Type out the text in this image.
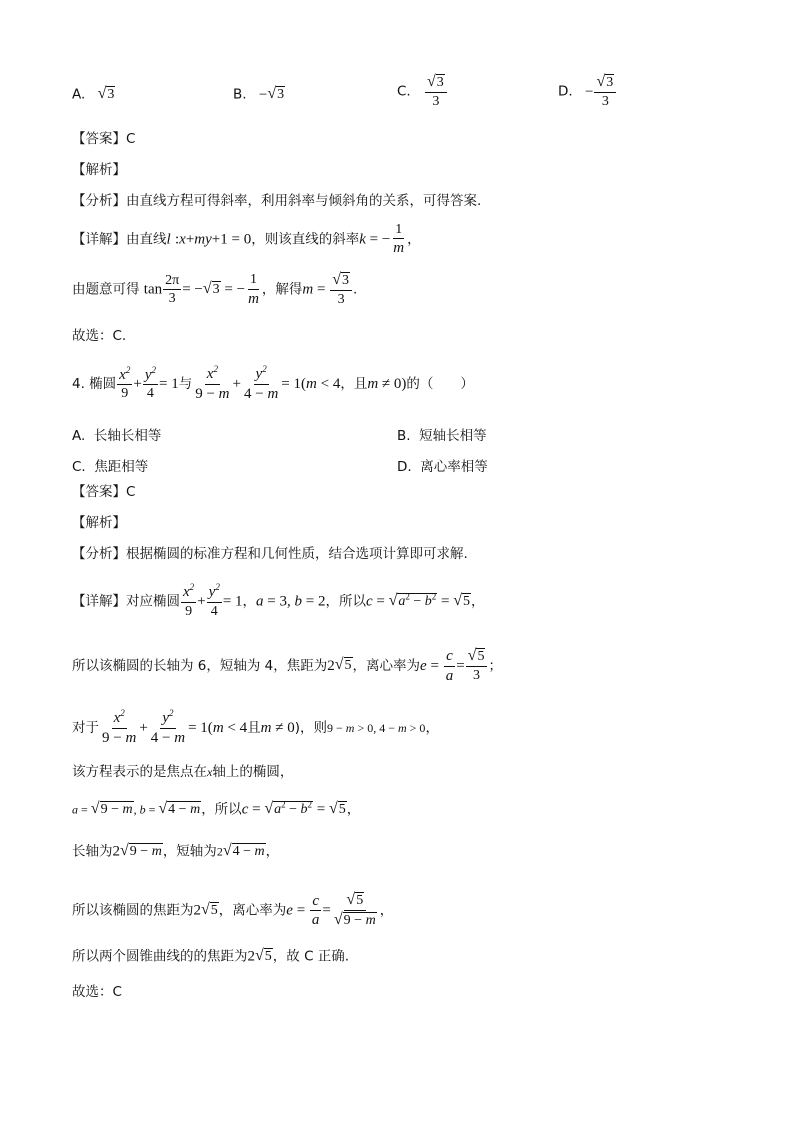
A. √ 3	B. − √ 3	C. $\frac{√ 3}{3}$	D. − $\frac{√ 3}{3}$
【答案】C
【解析】
【分析】由直线方程可得斜率，利用斜率与倾斜角的关系，可得答案.
【详解】由直线l :x+my+1 = 0，则该直线的斜率k = − $\frac{1}{m}$ ，
由题意可得 $\tan \frac{2\pi}{3}$ = − √ 3 = − $\frac{1}{m}$ ，解得$m = \frac{√ 3}{3}$ .
故选：C.
4. 椭圆 $\frac{x^2}{9} + \frac{y^2}{4} = 1$与 $\frac{x^2}{9 - m} + \frac{y^2}{4 - m} = 1(m < 4$，且m ≠ 0)的（　　）
A. 长轴长相等	B. 短轴长相等
C. 焦距相等	D. 离心率相等
【答案】C
【解析】
【分析】根据椭圆的标准方程和几何性质，结合选项计算即可求解.
【详解】对应椭圆 $\frac{x^2}{9} + \frac{y^2}{4} = 1$，a = 3, b = 2，所以c = √ $a^2 - b^2$ = √ 5 ，
所以该椭圆的长轴为 6，短轴为 4，焦距为2 √ 5 ，离心率为$e = \frac{c}{a} = \frac{√ 5}{3}$ ；
对于 $\frac{x^2}{9 - m} + \frac{y^2}{4 - m} = 1(m < 4$且m ≠ 0)，则9 − m > 0, 4 − m > 0，
该方程表示的是焦点在x轴上的椭圆，
a = √ 9 − m , b = √ 4 − m ，所以c = √ $a^2 - b^2$ = √ 5 ，
长轴为2 √ 9 − m ，短轴为2 √ 4 − m ，
所以该椭圆的焦距为2 √ 5 ，离心率为$e = \frac{c}{a} = \frac{√ 5}{√ 9 - m}$ ，
所以两个圆锥曲线的的焦距为2 √ 5 ，故 C 正确.
故选：C
